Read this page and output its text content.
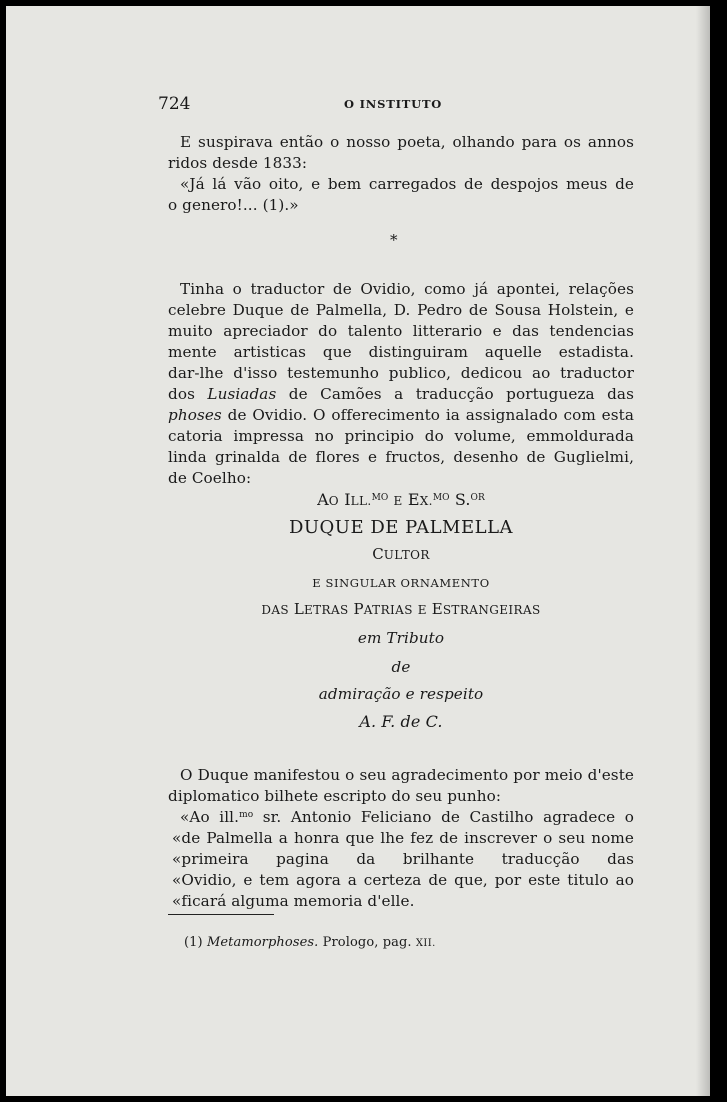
724	O INSTITUTO
E suspirava então o nosso poeta, olhando para os annos
ridos desde 1833:
«Já lá vão oito, e bem carregados de despojos meus de
o genero!... (1).»
*
Tinha o traductor de Ovidio, como já apontei, relações
celebre Duque de Palmella, D. Pedro de Sousa Holstein, e
muito apreciador do talento litterario e das tendencias
mente artisticas que distinguiram aquelle estadista.
dar-lhe d'isso testemunho publico, dedicou ao traductor
dos Lusiadas de Camões a traducção portugueza das
phoses de Ovidio. O offerecimento ia assignalado com esta
catoria impressa no principio do volume, emmoldurada
linda grinalda de flores e fructos, desenho de Guglielmi,
de Coelho:
AO ILL.$^{MO}$ E EX.$^{MO}$ S.$^{OR}$
DUQUE DE PALMELLA
CULTOR
E SINGULAR ORNAMENTO
DAS LETRAS PATRIAS E ESTRANGEIRAS
em Tributo
de
admiração e respeito
A. F. de C.
O Duque manifestou o seu agradecimento por meio d'este
diplomatico bilhete escripto do seu punho:
«Ao ill.$^{mo}$ sr. Antonio Feliciano de Castilho agradece o
«de Palmella a honra que lhe fez de inscrever o seu nome
«primeira pagina da brilhante traducção das
«Ovidio, e tem agora a certeza de que, por este titulo ao
«ficará alguma memoria d'elle.
(1) Metamorphoses. Prologo, pag. XII.
